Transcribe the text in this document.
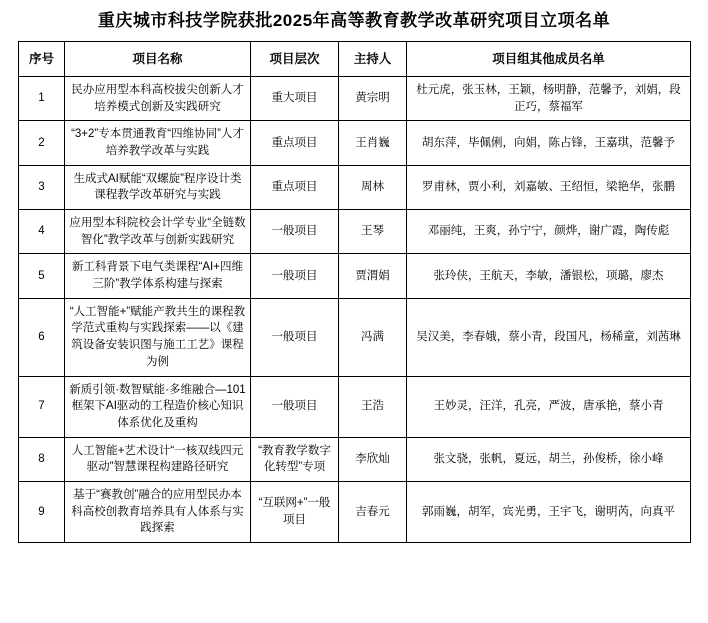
重庆城市科技学院获批2025年高等教育教学改革研究项目立项名单
序号	项目名称	项目层次	主持人	项目组其他成员名单
1	民办应用型本科高校拔尖创新人才培养模式创新及实践研究	重大项目	黄宗明	杜元虎，张玉林，王颖，杨明静，范馨予，刘娟，段正巧，蔡福军
2	“3+2”专本贯通教育“四维协同”人才培养教学改革与实践	重点项目	王肖巍	胡东萍，毕佩俐，向娟，陈占锋，王嘉琪，范馨予
3	生成式AI赋能“双螺旋”程序设计类课程教学改革研究与实践	重点项目	周林	罗甫林，贾小利，刘嘉敏、王绍恒，梁艳华，张鹏
4	应用型本科院校会计学专业“全链数智化”教学改革与创新实践研究	一般项目	王琴	邓丽纯，王爽，孙宁宁，颜烨，谢广霞，陶传彪
5	新工科背景下电气类课程“AI+四维三阶”教学体系构建与探索	一般项目	贾渭娟	张玲侠，王航天，李敏，潘银松，项璐，廖杰
6	“人工智能+”赋能产教共生的课程教学范式重构与实践探索——以《建筑设备安装识图与施工工艺》课程为例	一般项目	冯满	吴汉美，李春娥，蔡小青，段国凡，杨稀童，刘茜琳
7	新质引领·数智赋能·多维融合—101框架下AI驱动的工程造价核心知识体系优化及重构	一般项目	王浩	王妙灵，汪洋，孔亮，严波，唐承艳，蔡小青
8	人工智能+艺术设计“一核双线四元驱动”智慧课程构建路径研究	“教育教学数字化转型”专项	李欣灿	张文骁，张帆，夏远，胡兰，孙俊桥，徐小峰
9	基于“赛教创”融合的应用型民办本科高校创教育培养具有人体系与实践探索	“互联网+”一般项目	吉春元	郭雨巍，胡军，宾光勇，王宇飞，谢明芮，向真平
